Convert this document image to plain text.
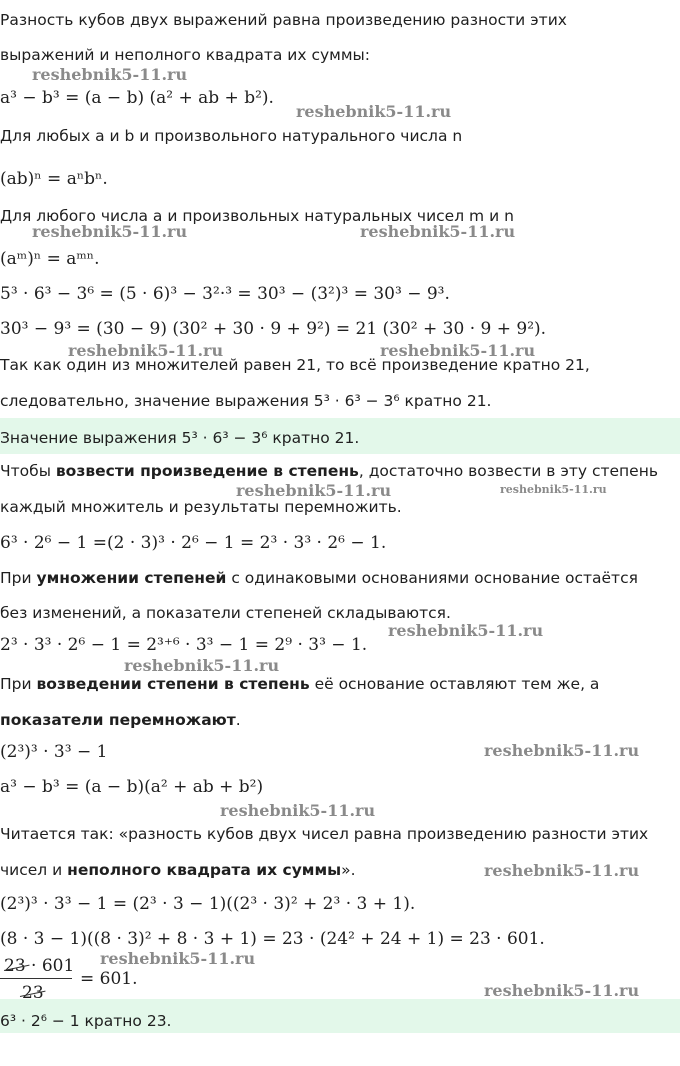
Разность кубов двух выражений равна произведению разности этих
выражений и неполного квадрата их суммы:
a³ − b³ = (a − b) (a² + ab + b²).
Для любых a и b и произвольного натурального числа n
(ab)ⁿ = aⁿbⁿ.
Для любого числа a и произвольных натуральных чисел m и n
(aᵐ)ⁿ = aᵐⁿ.
5³ · 6³ − 3⁶ = (5 · 6)³ − 3²·³ = 30³ − (3²)³ = 30³ − 9³.
30³ − 9³ = (30 − 9) (30² + 30 · 9 + 9²) = 21 (30² + 30 · 9 + 9²).
Так как один из множителей равен 21, то всё произведение кратно 21,
следовательно, значение выражения 5³ · 6³ − 3⁶ кратно 21.
Значение выражения 5³ · 6³ − 3⁶ кратно 21.
Чтобы возвести произведение в степень, достаточно возвести в эту степень
каждый множитель и результаты перемножить.
6³ · 2⁶ − 1 =(2 · 3)³ · 2⁶ − 1 = 2³ · 3³ · 2⁶ − 1.
При умножении степеней с одинаковыми основаниями основание остаётся
без изменений, а показатели степеней складываются.
2³ · 3³ · 2⁶ − 1 = 2³⁺⁶ · 3³ − 1 = 2⁹ · 3³ − 1.
При возведении степени в степень её основание оставляют тем же, а
показатели перемножают.
(2³)³ · 3³ − 1
a³ − b³ = (a − b)(a² + ab + b²)
Читается так: «разность кубов двух чисел равна произведению разности этих
чисел и неполного квадрата их суммы».
(2³)³ · 3³ − 1 = (2³ · 3 − 1)((2³ · 3)² + 2³ · 3 + 1).
(8 · 3 − 1)((8 · 3)² + 8 · 3 + 1) = 23 · (24² + 24 + 1) = 23 · 601.
23 · 601
23
= 601.
6³ · 2⁶ − 1 кратно 23.
reshebnik5-11.ru
reshebnik5-11.ru
reshebnik5-11.ru	reshebnik5-11.ru
reshebnik5-11.ru	reshebnik5-11.ru
reshebnik5-11.ru	reshebnik5-11.ru
reshebnik5-11.ru
reshebnik5-11.ru
reshebnik5-11.ru
reshebnik5-11.ru
reshebnik5-11.ru
reshebnik5-11.ru
reshebnik5-11.ru
